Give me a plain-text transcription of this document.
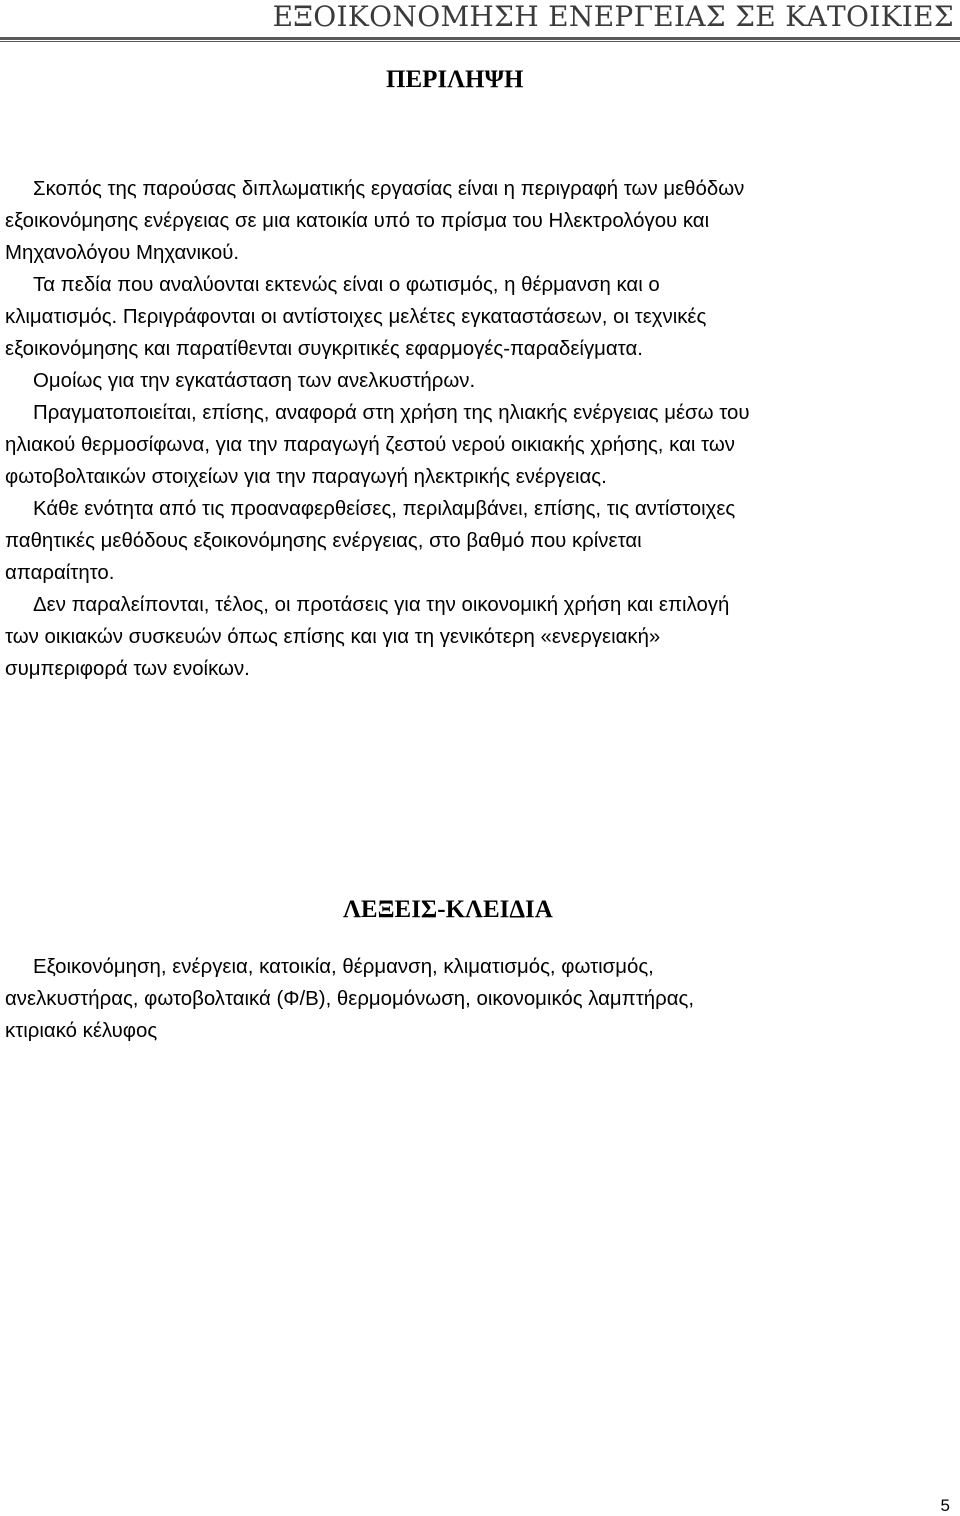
ΕΞΟΙΚΟΝΟΜΗΣΗ ΕΝΕΡΓΕΙΑΣ ΣΕ ΚΑΤΟΙΚΙΕΣ
ΠΕΡΙΛΗΨΗ
Σκοπός της παρούσας διπλωματικής εργασίας είναι η περιγραφή των μεθόδων
εξοικονόμησης ενέργειας σε μια κατοικία υπό το πρίσμα του Ηλεκτρολόγου και
Μηχανολόγου Μηχανικού.
Τα πεδία που αναλύονται εκτενώς είναι ο φωτισμός, η θέρμανση και ο
κλιματισμός. Περιγράφονται οι αντίστοιχες μελέτες εγκαταστάσεων, οι τεχνικές
εξοικονόμησης και παρατίθενται συγκριτικές εφαρμογές-παραδείγματα.
Ομοίως για την εγκατάσταση των ανελκυστήρων.
Πραγματοποιείται, επίσης, αναφορά στη χρήση της ηλιακής ενέργειας μέσω του
ηλιακού θερμοσίφωνα, για την παραγωγή ζεστού νερού οικιακής χρήσης, και των
φωτοβολταικών στοιχείων για την παραγωγή ηλεκτρικής ενέργειας.
Κάθε ενότητα από τις προαναφερθείσες, περιλαμβάνει, επίσης, τις αντίστοιχες
παθητικές μεθόδους εξοικονόμησης ενέργειας, στο βαθμό που κρίνεται
απαραίτητο.
Δεν παραλείπονται, τέλος, οι προτάσεις για την οικονομική χρήση και επιλογή
των οικιακών συσκευών όπως επίσης και για τη γενικότερη «ενεργειακή»
συμπεριφορά των ενοίκων.
ΛΕΞΕΙΣ-ΚΛΕΙΔΙΑ
Εξοικονόμηση, ενέργεια, κατοικία, θέρμανση, κλιματισμός, φωτισμός,
ανελκυστήρας, φωτοβολταικά (Φ/Β), θερμομόνωση, οικονομικός λαμπτήρας,
κτιριακό κέλυφος
5
